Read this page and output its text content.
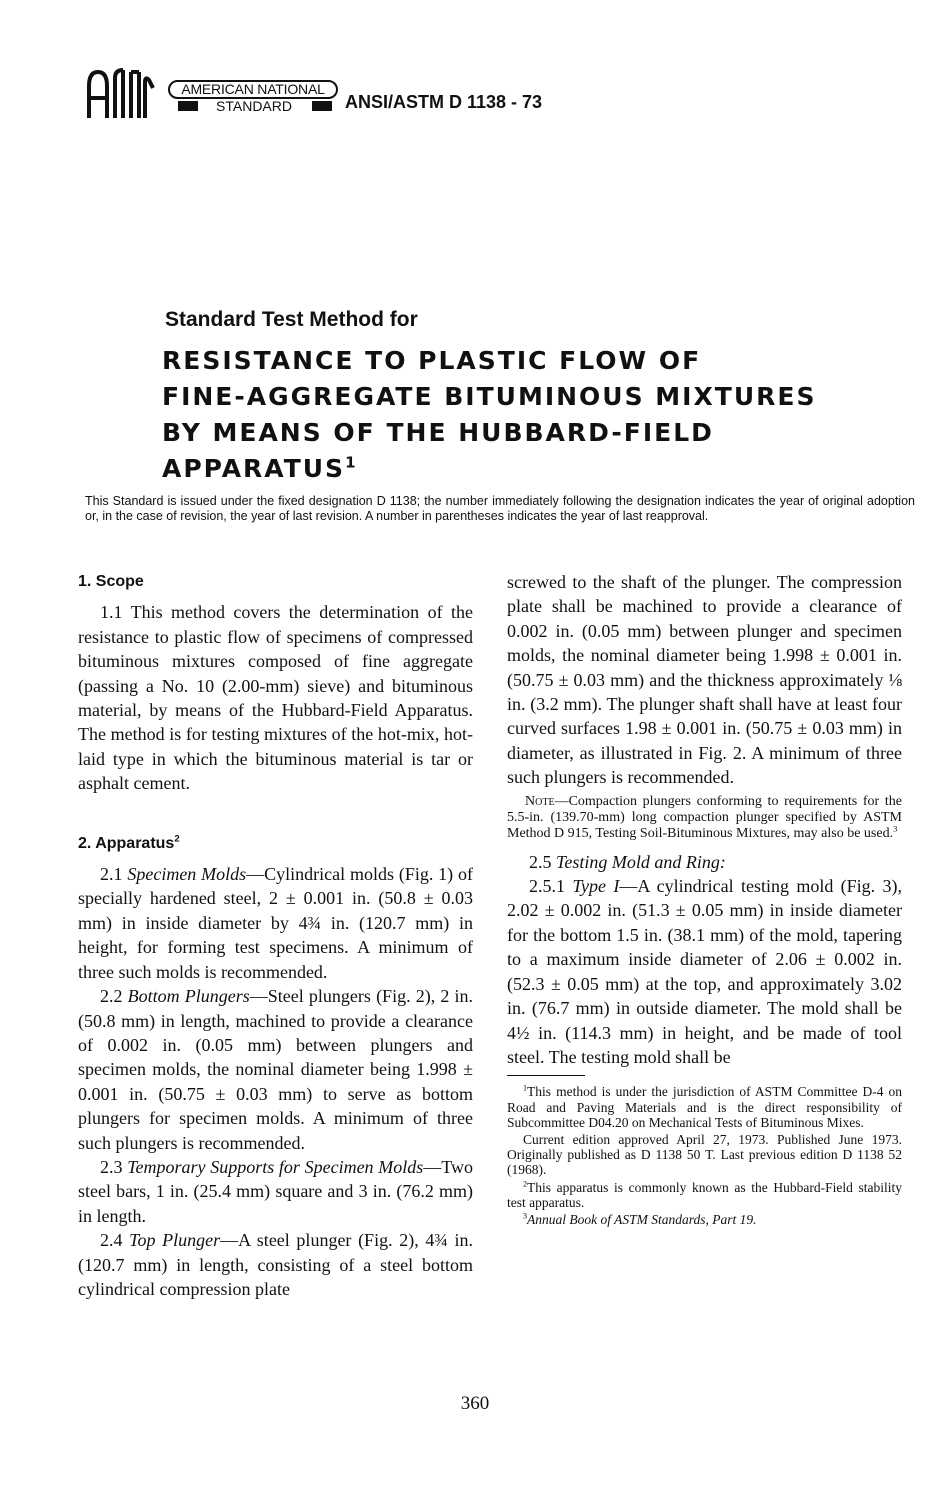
AMERICAN NATIONAL
STANDARD	ANSI/ASTM D 1138 - 73
Standard Test Method for
RESISTANCE TO PLASTIC FLOW OF
FINE-AGGREGATE BITUMINOUS MIXTURES
BY MEANS OF THE HUBBARD-FIELD
APPARATUS$^1$
This Standard is issued under the fixed designation D 1138; the number immediately following the designation indicates the year of original adoption or, in the case of revision, the year of last revision. A number in parentheses indicates the year of last reapproval.

1. Scope

1.1 This method covers the determination of the resistance to plastic flow of specimens of compressed bituminous mixtures composed of fine aggregate (passing a No. 10 (2.00-mm) sieve) and bituminous material, by means of the Hubbard-Field Apparatus. The method is for testing mixtures of the hot-mix, hot-laid type in which the bituminous material is tar or asphalt cement.

2. Apparatus$^2$

2.1 Specimen Molds—Cylindrical molds (Fig. 1) of specially hardened steel, 2 ± 0.001 in. (50.8 ± 0.03 mm) in inside diameter by 4¾ in. (120.7 mm) in height, for forming test specimens. A minimum of three such molds is recommended.

2.2 Bottom Plungers—Steel plungers (Fig. 2), 2 in. (50.8 mm) in length, machined to provide a clearance of 0.002 in. (0.05 mm) between plungers and specimen molds, the nominal diameter being 1.998 ± 0.001 in. (50.75 ± 0.03 mm) to serve as bottom plungers for specimen molds. A minimum of three such plungers is recommended.

2.3 Temporary Supports for Specimen Molds—Two steel bars, 1 in. (25.4 mm) square and 3 in. (76.2 mm) in length.

2.4 Top Plunger—A steel plunger (Fig. 2), 4¾ in. (120.7 mm) in length, consisting of a steel bottom cylindrical compression plate

screwed to the shaft of the plunger. The compression plate shall be machined to provide a clearance of 0.002 in. (0.05 mm) between plunger and specimen molds, the nominal diameter being 1.998 ± 0.001 in. (50.75 ± 0.03 mm) and the thickness approximately ⅛ in. (3.2 mm). The plunger shaft shall have at least four curved surfaces 1.98 ± 0.001 in. (50.75 ± 0.03 mm) in diameter, as illustrated in Fig. 2. A minimum of three such plungers is recommended.

Note—Compaction plungers conforming to requirements for the 5.5-in. (139.70-mm) long compaction plunger specified by ASTM Method D 915, Testing Soil-Bituminous Mixtures, may also be used.$^3$

2.5 Testing Mold and Ring:

2.5.1 Type I—A cylindrical testing mold (Fig. 3), 2.02 ± 0.002 in. (51.3 ± 0.05 mm) in inside diameter for the bottom 1.5 in. (38.1 mm) of the mold, tapering to a maximum inside diameter of 2.06 ± 0.002 in. (52.3 ± 0.05 mm) at the top, and approximately 3.02 in. (76.7 mm) in outside diameter. The mold shall be 4½ in. (114.3 mm) in height, and be made of tool steel. The testing mold shall be

$^1$This method is under the jurisdiction of ASTM Committee D-4 on Road and Paving Materials and is the direct responsibility of Subcommittee D04.20 on Mechanical Tests of Bituminous Mixes.

Current edition approved April 27, 1973. Published June 1973. Originally published as D 1138 50 T. Last previous edition D 1138 52 (1968).

$^2$This apparatus is commonly known as the Hubbard-Field stability test apparatus.

$^3$Annual Book of ASTM Standards, Part 19.

360
